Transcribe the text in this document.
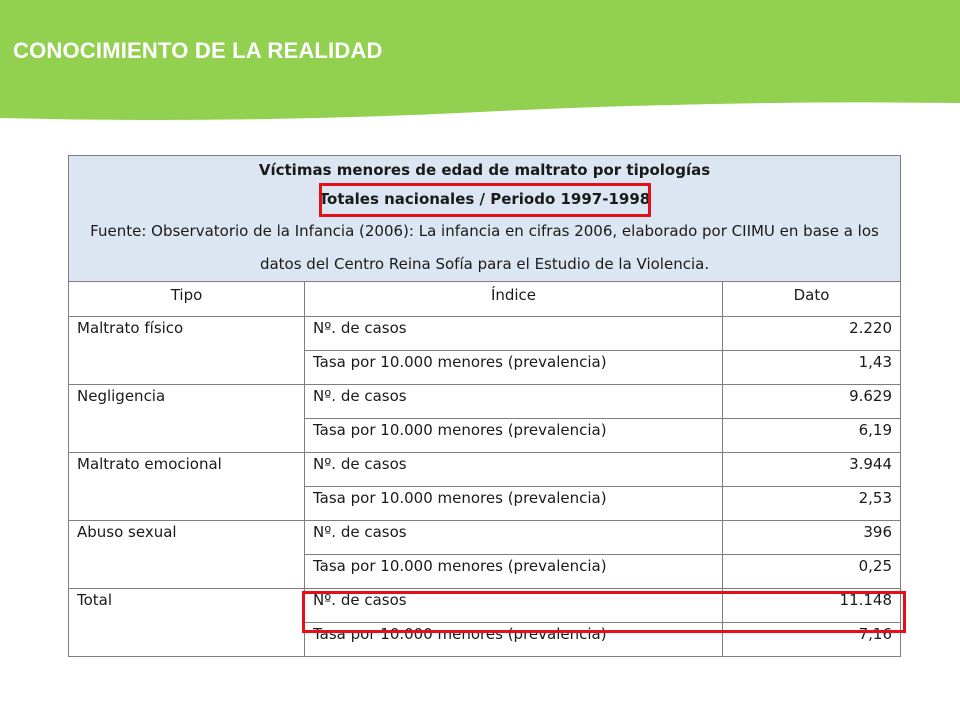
CONOCIMIENTO DE LA REALIDAD
Víctimas menores de edad de maltrato por tipologías
Totales nacionales / Periodo 1997-1998
Fuente: Observatorio de la Infancia (2006): La infancia en cifras 2006, elaborado por CIIMU en base a los datos del Centro Reina Sofía para el Estudio de la Violencia.		

Tipo	Índice	Dato
Maltrato físico	Nº. de casos	2.220
	Tasa por 10.000 menores (prevalencia)	1,43
Negligencia	Nº. de casos	9.629
	Tasa por 10.000 menores (prevalencia)	6,19
Maltrato emocional	Nº. de casos	3.944
	Tasa por 10.000 menores (prevalencia)	2,53
Abuso sexual	Nº. de casos	396
	Tasa por 10.000 menores (prevalencia)	0,25
Total	Nº. de casos	11.148
	Tasa por 10.000 menores (prevalencia)	7,16
